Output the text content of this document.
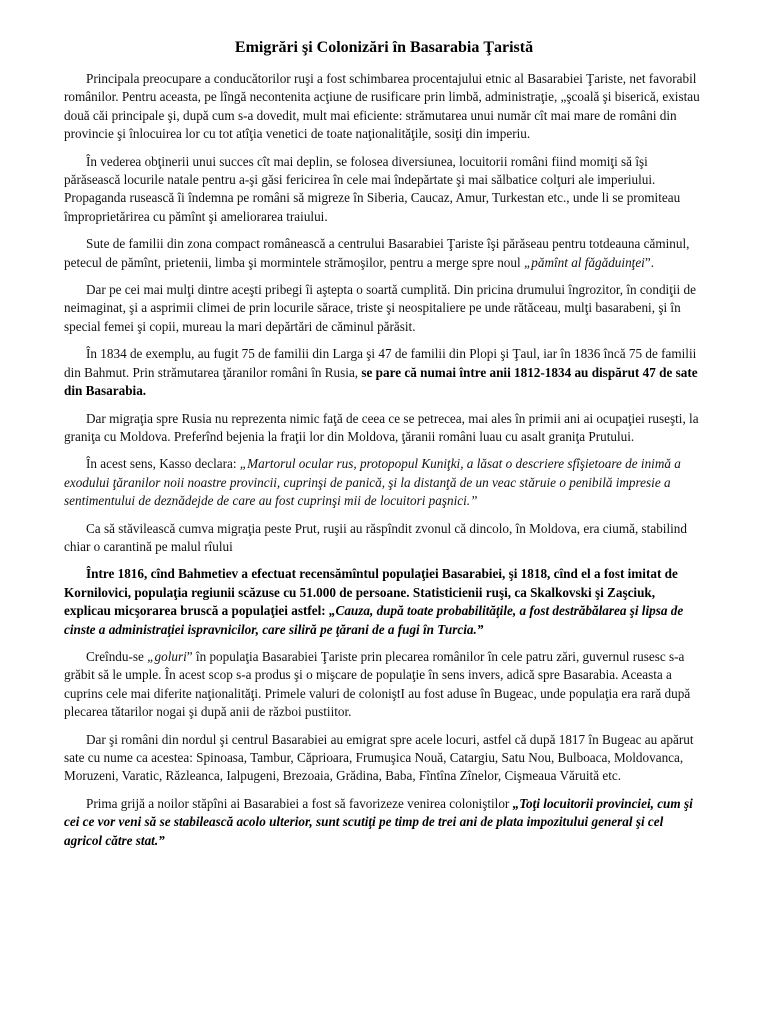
Emigrări şi Colonizări în Basarabia Ţaristă

Principala preocupare a conducătorilor ruşi a fost schimbarea procentajului etnic al Basarabiei Ţariste, net favorabil românilor. Pentru aceasta, pe lîngă necontenita acţiune de rusificare prin limbă, administraţie, „şcoală şi biserică, existau două căi principale şi, după cum s-a dovedit, mult mai eficiente: strămutarea unui număr cît mai mare de români din provincie şi înlocuirea lor cu tot atîţia venetici de toate naţionalităţile, sosiţi din imperiu.

În vederea obţinerii unui succes cît mai deplin, se folosea diversiunea, locuitorii români fiind momiţi să îşi părăsească locurile natale pentru a-şi găsi fericirea în cele mai îndepărtate şi mai sălbatice colţuri ale imperiului. Propaganda rusească îi îndemna pe români să migreze în Siberia, Caucaz, Amur, Turkestan etc., unde li se promiteau împroprietărirea cu pămînt şi ameliorarea traiului.

Sute de familii din zona compact românească a centrului Basarabiei Ţariste îşi părăseau pentru totdeauna căminul, petecul de pămînt, prietenii, limba şi mormintele strămoşilor, pentru a merge spre noul „pămînt al făgăduinţei”.

Dar pe cei mai mulţi dintre aceşti pribegi îi aştepta o soartă cumplită. Din pricina drumului îngrozitor, în condiţii de neimaginat, şi a asprimii climei de prin locurile sărace, triste şi neospitaliere pe unde rătăceau, mulţi basarabeni, şi în special femei şi copii, mureau la mari depărtări de căminul părăsit.

În 1834 de exemplu, au fugit 75 de familii din Larga şi 47 de familii din Plopi şi Ţaul, iar în 1836 încă 75 de familii din Bahmut. Prin strămutarea ţăranilor români în Rusia, se pare că numai între anii 1812-1834 au dispărut 47 de sate din Basarabia.

Dar migraţia spre Rusia nu reprezenta nimic faţă de ceea ce se petrecea, mai ales în primii ani ai ocupaţiei ruseşti, la graniţa cu Moldova. Preferînd bejenia la fraţii lor din Moldova, ţăranii români luau cu asalt graniţa Prutului.

În acest sens, Kasso declara: „Martorul ocular rus, protopopul Kuniţki, a lăsat o descriere sfîşietoare de inimă a exodului ţăranilor noii noastre provincii, cuprinşi de panică, şi la distanţă de un veac stăruie o penibilă impresie a sentimentului de deznădejde de care au fost cuprinşi mii de locuitori paşnici.”

Ca să stăvilească cumva migraţia peste Prut, ruşii au răspîndit zvonul că dincolo, în Moldova, era ciumă, stabilind chiar o carantină pe malul rîului

Între 1816, cînd Bahmetiev a efectuat recensămîntul populaţiei Basarabiei, şi 1818, cînd el a fost imitat de Kornilovici, populaţia regiunii scăzuse cu 51.000 de persoane. Statisticienii ruşi, ca Skalkovski şi Zaşciuk, explicau micşorarea bruscă a populaţiei astfel: „Cauza, după toate probabilităţile, a fost destrăbălarea şi lipsa de cinste a administraţiei ispravnicilor, care siliră pe ţărani de a fugi în Turcia.”

Creîndu-se „goluri” în populaţia Basarabiei Ţariste prin plecarea românilor în cele patru zări, guvernul rusesc s-a grăbit să le umple. În acest scop s-a produs şi o mişcare de populaţie în sens invers, adică spre Basarabia. Aceasta a cuprins cele mai diferite naţionalităţi. Primele valuri de coloniştI au fost aduse în Bugeac, unde populaţia era rară după plecarea tătarilor nogai şi după anii de război pustiitor.

Dar şi români din nordul şi centrul Basarabiei au emigrat spre acele locuri, astfel că după 1817 în Bugeac au apărut sate cu nume ca acestea: Spinoasa, Tambur, Căprioara, Frumuşica Nouă, Catargiu, Satu Nou, Bulboaca, Moldovanca, Moruzeni, Varatic, Răzleanca, Ialpugeni, Brezoaia, Grădina, Baba, Fîntîna Zînelor, Cişmeaua Văruită etc.

Prima grijă a noilor stăpîni ai Basarabiei a fost să favorizeze venirea coloniştilor „Toţi locuitorii provinciei, cum şi cei ce vor veni să se stabilească acolo ulterior, sunt scutiţi pe timp de trei ani de plata impozitului general şi cel agricol către stat.”
